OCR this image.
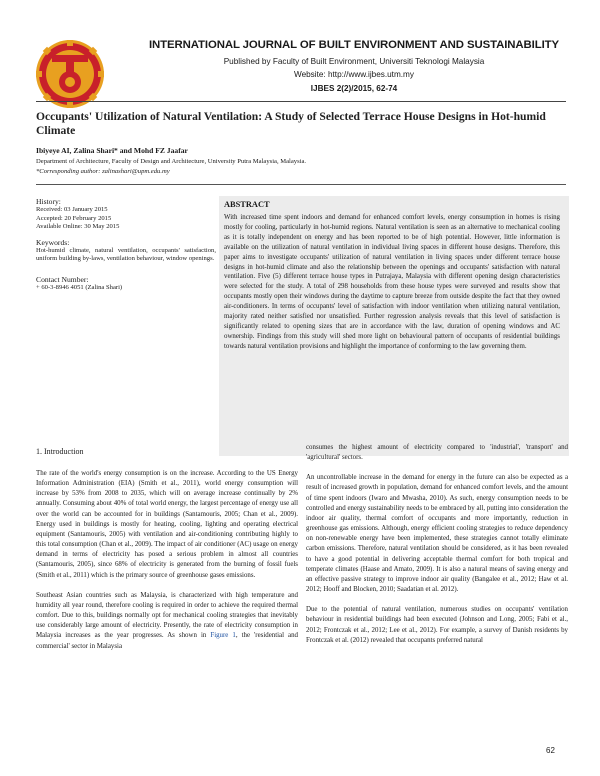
INTERNATIONAL JOURNAL OF BUILT ENVIRONMENT AND SUSTAINABILITY
Published by Faculty of Built Environment, Universiti Teknologi Malaysia
Website: http://www.ijbes.utm.my
IJBES 2(2)/2015, 62-74
Occupants' Utilization of Natural Ventilation: A Study of Selected Terrace House Designs in Hot-humid Climate
Ibiyeye AI, Zalina Shari* and Mohd FZ Jaafar
Department of Architecture, Faculty of Design and Architecture, University Putra Malaysia, Malaysia.
*Corresponding author: zalinashari@upm.edu.my
History:
Received: 03 January 2015
Accepted: 20 February 2015
Available Online: 30 May 2015
Keywords:
Hot-humid climate, natural ventilation, occupants' satisfaction, uniform building by-laws, ventilation behaviour, window openings.
Contact Number:
+ 60-3-8946 4051 (Zalina Shari)
ABSTRACT
With increased time spent indoors and demand for enhanced comfort levels, energy consumption in homes is rising mostly for cooling, particularly in hot-humid regions. Natural ventilation is seen as an alternative to mechanical cooling as it is totally independent on energy and has been reported to be of high potential. However, little information is available on the utilization of natural ventilation in individual living spaces in different house designs. Therefore, this paper aims to investigate occupants' utilization of natural ventilation in living spaces under different terrace house designs in hot-humid climate and also the relationship between the openings and occupants' satisfaction with natural ventilation. Five (5) different terrace house types in Putrajaya, Malaysia with different opening design characteristics were selected for the study. A total of 298 households from these house types were surveyed and results show that occupants mostly open their windows during the daytime to capture breeze from outside despite the fact that they owned air-conditioners. In terms of occupants' level of satisfaction with indoor ventilation when utilizing natural ventilation, majority rated neither satisfied nor unsatisfied. Further regression analysis reveals that this level of satisfaction is significantly related to opening sizes that are in accordance with the law, duration of opening windows and AC ownership. Findings from this study will shed more light on behavioural pattern of occupants of residential buildings towards natural ventilation provisions and highlight the importance of conforming to the law governing them.
1. Introduction

The rate of the world's energy consumption is on the increase. According to the US Energy Information Administration (EIA) (Smith et al., 2011), world energy consumption will increase by 53% from 2008 to 2035, which will on average increase continually by 2% annually. Consuming about 40% of total world energy, the largest percentage of energy use all over the world can be accounted for in buildings (Santamouris, 2005; Chan et al., 2009). Energy used in buildings is mostly for heating, cooling, lighting and operating electrical equipment (Santamouris, 2005) with ventilation and air-conditioning contributing highly to this total consumption (Chan et al., 2009). The impact of air conditioner (AC) usage on energy demand in terms of electricity has posed a serious problem in almost all countries (Santamouris, 2005), since 68% of electricity is generated from the burning of fossil fuels (Smith et al., 2011) which is the primary source of greenhouse gases emissions.

Southeast Asian countries such as Malaysia, is characterized with high temperature and humidity all year round, therefore cooling is required in order to achieve the required thermal comfort. Due to this, buildings normally opt for mechanical cooling strategies that inevitably use considerably large amount of electricity. Presently, the rate of electricity consumption in Malaysia increases as the year progresses. As shown in Figure 1, the 'residential and commercial' sector in Malaysia

consumes the highest amount of electricity compared to 'industrial', 'transport' and 'agricultural' sectors.

An uncontrollable increase in the demand for energy in the future can also be expected as a result of increased growth in population, demand for enhanced comfort levels, and the amount of time spent indoors (Iwaro and Mwasha, 2010). As such, energy consumption needs to be controlled and energy sustainability needs to be embraced by all, putting into consideration the indoor air quality, thermal comfort of occupants and more importantly, reduction in greenhouse gas emissions. Although, energy efficient cooling strategies to reduce dependency on non-renewable energy have been implemented, these strategies cannot totally eliminate carbon emissions. Therefore, natural ventilation should be considered, as it has been revealed to have a good potential in delivering acceptable thermal comfort for both tropical and temperate climates (Haase and Amato, 2009). It is also a natural means of saving energy and an effective passive strategy to improve indoor air quality (Bangalee et al., 2012; Haw et al. 2012; Hooff and Blocken, 2010; Saadatian et al. 2012).

Due to the potential of natural ventilation, numerous studies on occupants' ventilation behaviour in residential buildings had been executed (Johnson and Long, 2005; Fabi et al., 2012; Frontczak et al., 2012; Lee et al., 2012). For example, a survey of Danish residents by Frontczak et al. (2012) revealed that occupants preferred natural

62
